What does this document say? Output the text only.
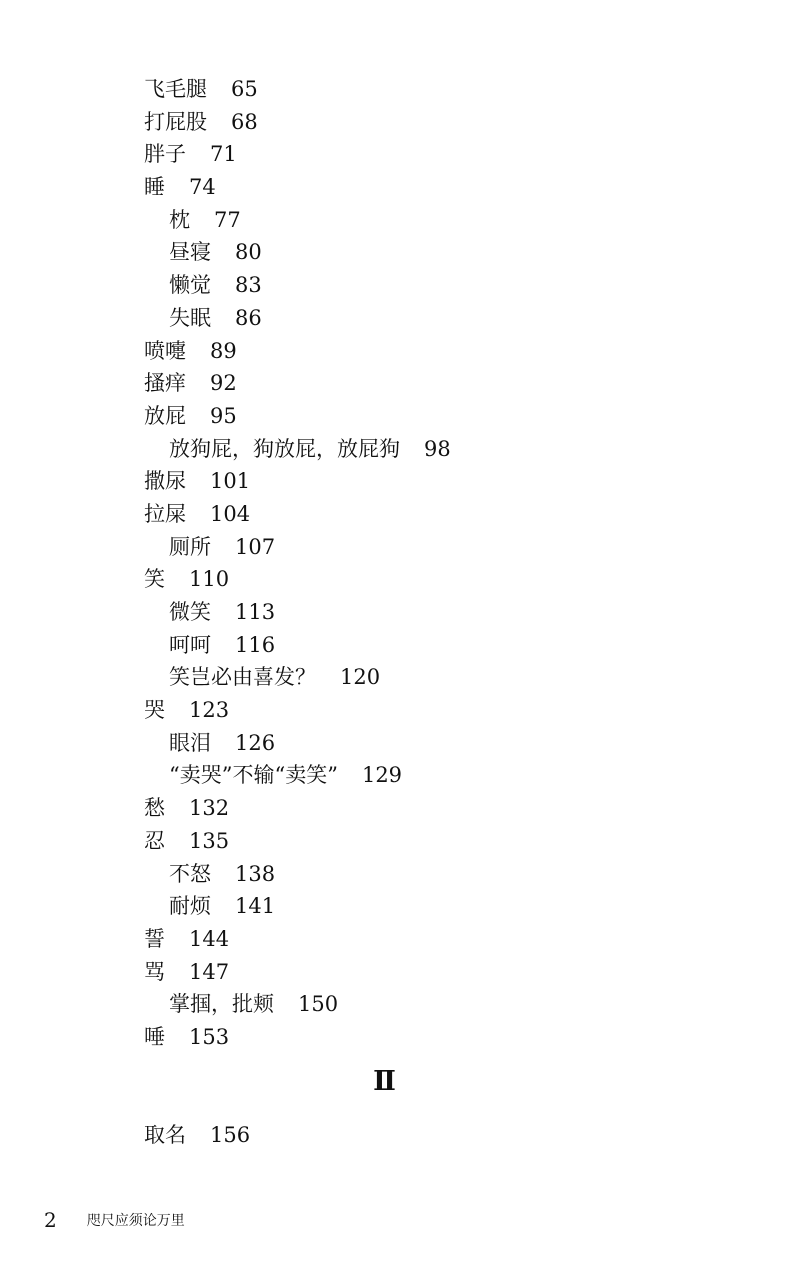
飞毛腿 65
打屁股 68
胖子 71
睡 74
枕 77
昼寝 80
懒觉 83
失眠 86
喷嚏 89
搔痒 92
放屁 95
放狗屁，狗放屁，放屁狗 98
撒尿 101
拉屎 104
厕所 107
笑 110
微笑 113
呵呵 116
笑岂必由喜发？ 120
哭 123
眼泪 126
“卖哭”不输“卖笑” 129
愁 132
忍 135
不怒 138
耐烦 141
誓 144
骂 147
掌掴，批颊 150
唾 153
Ⅱ
取名 156
2 咫尺应须论万里
